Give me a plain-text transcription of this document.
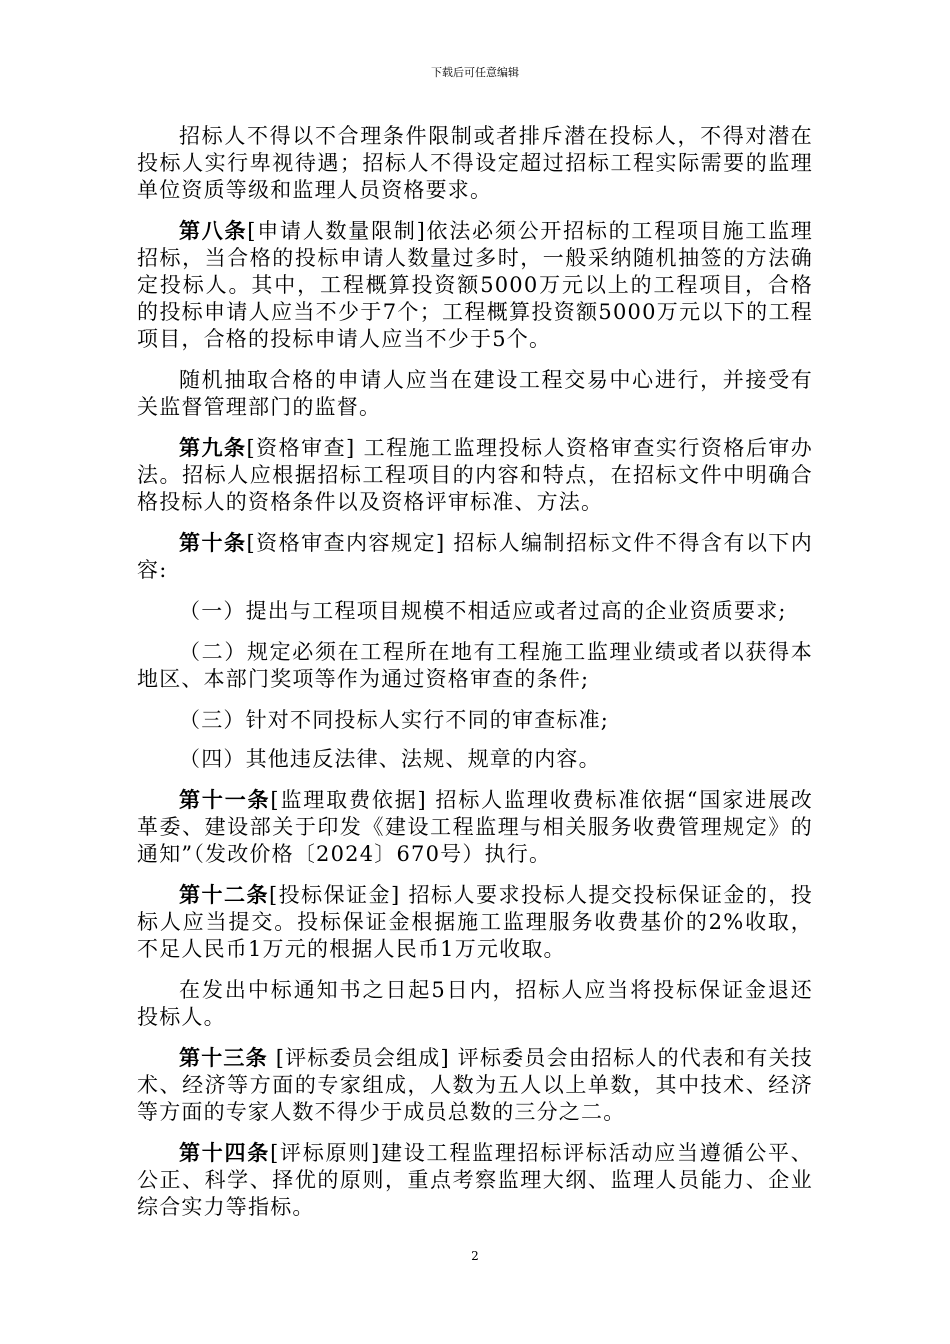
下载后可任意编辑

招标人不得以不合理条件限制或者排斥潜在投标人，不得对潜在投标人实行卑视待遇；招标人不得设定超过招标工程实际需要的监理单位资质等级和监理人员资格要求。

第八条[申请人数量限制]依法必须公开招标的工程项目施工监理招标，当合格的投标申请人数量过多时，一般采纳随机抽签的方法确定投标人。其中，工程概算投资额5000万元以上的工程项目，合格的投标申请人应当不少于7个；工程概算投资额5000万元以下的工程项目，合格的投标申请人应当不少于5个。

随机抽取合格的申请人应当在建设工程交易中心进行，并接受有关监督管理部门的监督。

第九条[资格审查] 工程施工监理投标人资格审查实行资格后审办法。招标人应根据招标工程项目的内容和特点，在招标文件中明确合格投标人的资格条件以及资格评审标准、方法。

第十条[资格审查内容规定] 招标人编制招标文件不得含有以下内容:

（一）提出与工程项目规模不相适应或者过高的企业资质要求;

（二）规定必须在工程所在地有工程施工监理业绩或者以获得本地区、本部门奖项等作为通过资格审查的条件;

（三）针对不同投标人实行不同的审查标准;

（四）其他违反法律、法规、规章的内容。

第十一条[监理取费依据] 招标人监理收费标准依据“国家进展改革委、建设部关于印发《建设工程监理与相关服务收费管理规定》的通知”（发改价格〔2024〕670号）执行。

第十二条[投标保证金] 招标人要求投标人提交投标保证金的，投标人应当提交。投标保证金根据施工监理服务收费基价的2%收取，不足人民币1万元的根据人民币1万元收取。

在发出中标通知书之日起5日内，招标人应当将投标保证金退还投标人。

第十三条 [评标委员会组成] 评标委员会由招标人的代表和有关技术、经济等方面的专家组成，人数为五人以上单数，其中技术、经济等方面的专家人数不得少于成员总数的三分之二。

第十四条[评标原则]建设工程监理招标评标活动应当遵循公平、公正、科学、择优的原则，重点考察监理大纲、监理人员能力、企业综合实力等指标。

2
